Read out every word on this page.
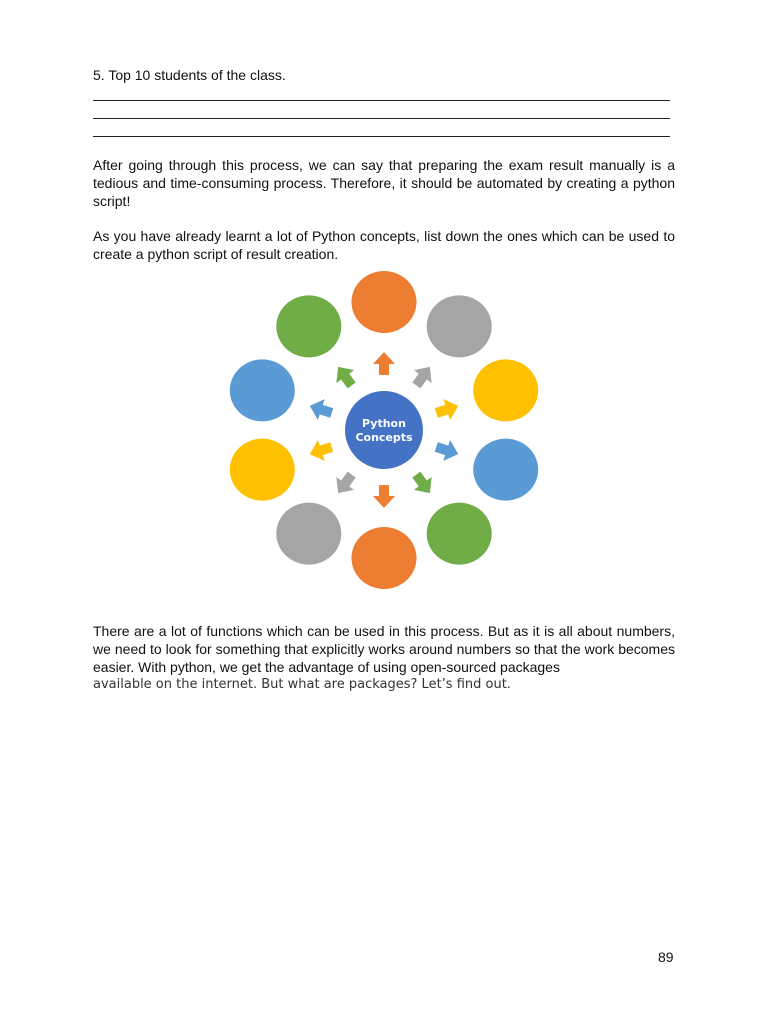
5. Top 10 students of the class.

After going through this process, we can say that preparing the exam result manually is a tedious and time-consuming process. Therefore, it should be automated by creating a python script!

As you have already learnt a lot of Python concepts, list down the ones which can be used to create a python script of result creation.

Python
Concepts

There are a lot of functions which can be used in this process. But as it is all about numbers, we need to look for something that explicitly works around numbers so that the work becomes easier. With python, we get the advantage of using open-sourced packages

available on the internet. But what are packages? Let’s find out.

89
